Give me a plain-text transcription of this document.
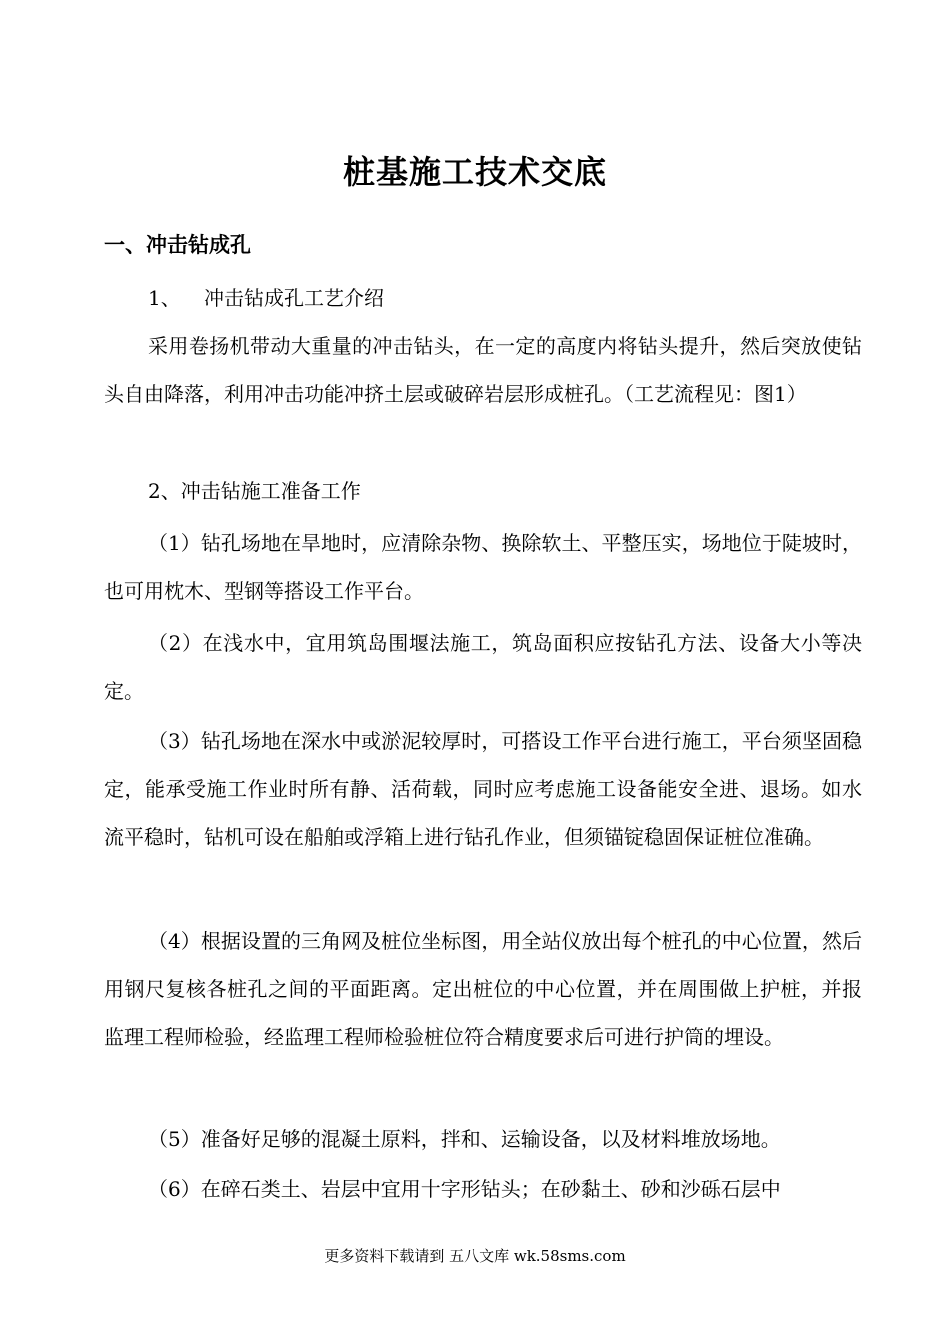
桩基施工技术交底
一、冲击钻成孔
1、 冲击钻成孔工艺介绍
采用卷扬机带动大重量的冲击钻头，在一定的高度内将钻头提升，然后突放使钻头自由降落，利用冲击功能冲挤土层或破碎岩层形成桩孔。（工艺流程见：图1）
2、冲击钻施工准备工作
（1）钻孔场地在旱地时，应清除杂物、换除软土、平整压实，场地位于陡坡时，也可用枕木、型钢等搭设工作平台。
（2）在浅水中，宜用筑岛围堰法施工，筑岛面积应按钻孔方法、设备大小等决定。
（3）钻孔场地在深水中或淤泥较厚时，可搭设工作平台进行施工，平台须坚固稳定，能承受施工作业时所有静、活荷载，同时应考虑施工设备能安全进、退场。如水流平稳时，钻机可设在船舶或浮箱上进行钻孔作业，但须锚锭稳固保证桩位准确。
（4）根据设置的三角网及桩位坐标图，用全站仪放出每个桩孔的中心位置，然后用钢尺复核各桩孔之间的平面距离。定出桩位的中心位置，并在周围做上护桩，并报监理工程师检验，经监理工程师检验桩位符合精度要求后可进行护筒的埋设。
（5）准备好足够的混凝土原料，拌和、运输设备，以及材料堆放场地。
（6）在碎石类土、岩层中宜用十字形钻头；在砂黏土、砂和沙砾石层中
更多资料下载请到 五八文库 wk.58sms.com
